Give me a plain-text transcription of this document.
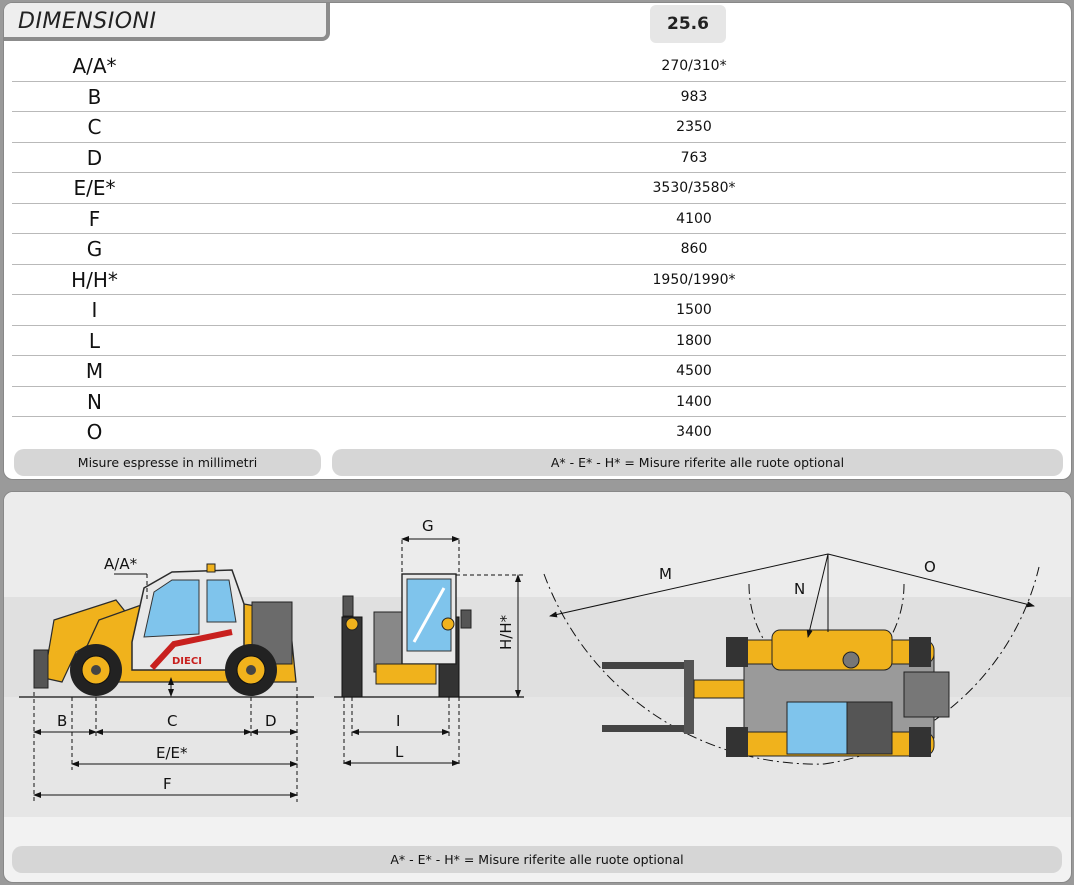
DIMENSIONI	25.6
A/A*	270/310*
B	983
C	2350
D	763
E/E*	3530/3580*
F	4100
G	860
H/H*	1950/1990*
I	1500
L	1800
M	4500
N	1400
O	3400
Misure espresse in millimetri	A* - E* - H* = Misure riferite alle ruote optional
DIECI
A/A*
B	C	D
E/E*
F
G
H/H*
I
L
M
N
O
A* - E* - H* = Misure riferite alle ruote optional
